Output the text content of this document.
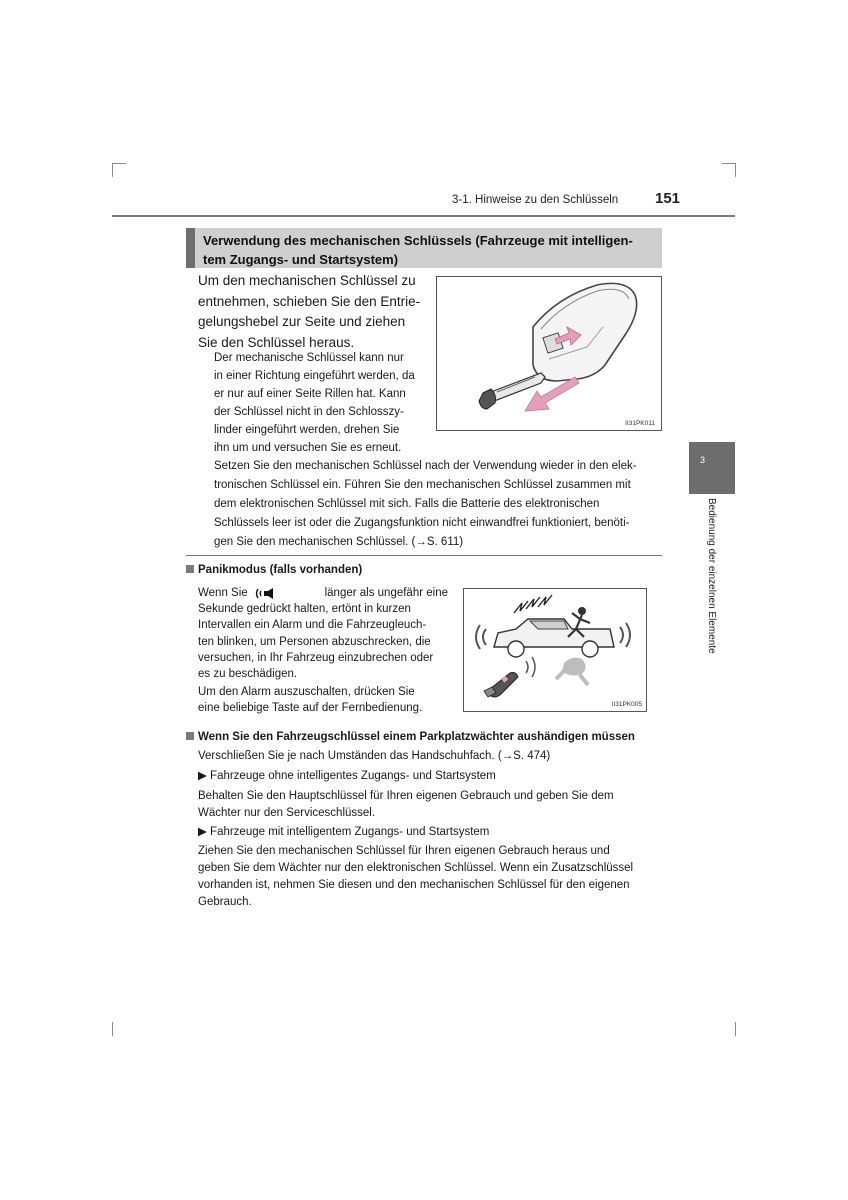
3-1. Hinweise zu den Schlüsseln 151
Verwendung des mechanischen Schlüssels (Fahrzeuge mit intelligen-
tem Zugangs- und Startsystem)
Um den mechanischen Schlüssel zu
entnehmen, schieben Sie den Entrie-
gelungshebel zur Seite und ziehen
Sie den Schlüssel heraus.
Der mechanische Schlüssel kann nur
in einer Richtung eingeführt werden, da
er nur auf einer Seite Rillen hat. Kann
der Schlüssel nicht in den Schlosszy-
linder eingeführt werden, drehen Sie
ihn um und versuchen Sie es erneut.
II31PK011
Setzen Sie den mechanischen Schlüssel nach der Verwendung wieder in den elek-
tronischen Schlüssel ein. Führen Sie den mechanischen Schlüssel zusammen mit
dem elektronischen Schlüssel mit sich. Falls die Batterie des elektronischen
Schlüssels leer ist oder die Zugangsfunktion nicht einwandfrei funktioniert, benöti-
gen Sie den mechanischen Schlüssel. (→S. 611)
Panikmodus (falls vorhanden)
Wenn Sie	länger als ungefähr eine
Sekunde gedrückt halten, ertönt in kurzen
Intervallen ein Alarm und die Fahrzeugleuch-
ten blinken, um Personen abzuschrecken, die
versuchen, in Ihr Fahrzeug einzubrechen oder
es zu beschädigen.
Um den Alarm auszuschalten, drücken Sie
eine beliebige Taste auf der Fernbedienung.	II31PK005
Wenn Sie den Fahrzeugschlüssel einem Parkplatzwächter aushändigen müssen
Verschließen Sie je nach Umständen das Handschuhfach. (→S. 474)
▶ Fahrzeuge ohne intelligentes Zugangs- und Startsystem
Behalten Sie den Hauptschlüssel für Ihren eigenen Gebrauch und geben Sie dem
Wächter nur den Serviceschlüssel.
▶ Fahrzeuge mit intelligentem Zugangs- und Startsystem
Ziehen Sie den mechanischen Schlüssel für Ihren eigenen Gebrauch heraus und
geben Sie dem Wächter nur den elektronischen Schlüssel. Wenn ein Zusatzschlüssel
vorhanden ist, nehmen Sie diesen und den mechanischen Schlüssel für den eigenen
Gebrauch.
3
Bedienung der einzelnen Elemente
